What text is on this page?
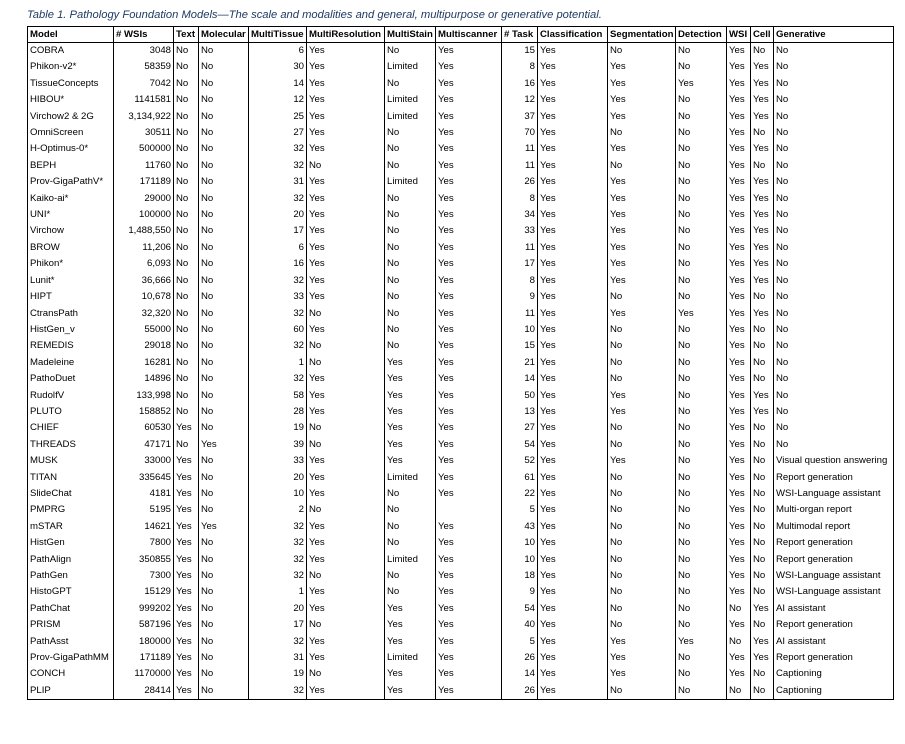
Table 1. Pathology Foundation Models—The scale and modalities and general, multipurpose or generative potential.
Model	# WSIs	Text	Molecular	MultiTissue	MultiResolution	MultiStain	Multiscanner	# Task	Classification	Segmentation	Detection	WSI	Cell	Generative
COBRA	3048	No	No	6	Yes	No	Yes	15	Yes	No	No	Yes	No	No
Phikon-v2*	58359	No	No	30	Yes	Limited	Yes	8	Yes	Yes	No	Yes	Yes	No
TissueConcepts	7042	No	No	14	Yes	No	Yes	16	Yes	Yes	Yes	Yes	Yes	No
HIBOU*	1141581	No	No	12	Yes	Limited	Yes	12	Yes	Yes	No	Yes	Yes	No
Virchow2 & 2G	3,134,922	No	No	25	Yes	Limited	Yes	37	Yes	Yes	No	Yes	Yes	No
OmniScreen	30511	No	No	27	Yes	No	Yes	70	Yes	No	No	Yes	No	No
H-Optimus-0*	500000	No	No	32	Yes	No	Yes	11	Yes	Yes	No	Yes	Yes	No
BEPH	11760	No	No	32	No	No	Yes	11	Yes	No	No	Yes	No	No
Prov-GigaPathV*	171189	No	No	31	Yes	Limited	Yes	26	Yes	Yes	No	Yes	Yes	No
Kaiko-ai*	29000	No	No	32	Yes	No	Yes	8	Yes	Yes	No	Yes	Yes	No
UNI*	100000	No	No	20	Yes	No	Yes	34	Yes	Yes	No	Yes	Yes	No
Virchow	1,488,550	No	No	17	Yes	No	Yes	33	Yes	Yes	No	Yes	Yes	No
BROW	11,206	No	No	6	Yes	No	Yes	11	Yes	Yes	No	Yes	Yes	No
Phikon*	6,093	No	No	16	Yes	No	Yes	17	Yes	Yes	No	Yes	Yes	No
Lunit*	36,666	No	No	32	Yes	No	Yes	8	Yes	Yes	No	Yes	Yes	No
HIPT	10,678	No	No	33	Yes	No	Yes	9	Yes	No	No	Yes	No	No
CtransPath	32,320	No	No	32	No	No	Yes	11	Yes	Yes	Yes	Yes	Yes	No
HistGen_v	55000	No	No	60	Yes	No	Yes	10	Yes	No	No	Yes	No	No
REMEDIS	29018	No	No	32	No	No	Yes	15	Yes	No	No	Yes	No	No
Madeleine	16281	No	No	1	No	Yes	Yes	21	Yes	No	No	Yes	No	No
PathoDuet	14896	No	No	32	Yes	Yes	Yes	14	Yes	No	No	Yes	No	No
RudolfV	133,998	No	No	58	Yes	Yes	Yes	50	Yes	Yes	No	Yes	Yes	No
PLUTO	158852	No	No	28	Yes	Yes	Yes	13	Yes	Yes	No	Yes	Yes	No
CHIEF	60530	Yes	No	19	No	Yes	Yes	27	Yes	No	No	Yes	No	No
THREADS	47171	No	Yes	39	No	Yes	Yes	54	Yes	No	No	Yes	No	No
MUSK	33000	Yes	No	33	Yes	Yes	Yes	52	Yes	Yes	No	Yes	No	Visual question answering
TITAN	335645	Yes	No	20	Yes	Limited	Yes	61	Yes	No	No	Yes	No	Report generation
SlideChat	4181	Yes	No	10	Yes	No	Yes	22	Yes	No	No	Yes	No	WSI-Language assistant
PMPRG	5195	Yes	No	2	No	No		5	Yes	No	No	Yes	No	Multi-organ report
mSTAR	14621	Yes	Yes	32	Yes	No	Yes	43	Yes	No	No	Yes	No	Multimodal report
HistGen	7800	Yes	No	32	Yes	No	Yes	10	Yes	No	No	Yes	No	Report generation
PathAlign	350855	Yes	No	32	Yes	Limited	Yes	10	Yes	No	No	Yes	No	Report generation
PathGen	7300	Yes	No	32	No	No	Yes	18	Yes	No	No	Yes	No	WSI-Language assistant
HistoGPT	15129	Yes	No	1	Yes	No	Yes	9	Yes	No	No	Yes	No	WSI-Language assistant
PathChat	999202	Yes	No	20	Yes	Yes	Yes	54	Yes	No	No	No	Yes	AI assistant
PRISM	587196	Yes	No	17	No	Yes	Yes	40	Yes	No	No	Yes	No	Report generation
PathAsst	180000	Yes	No	32	Yes	Yes	Yes	5	Yes	Yes	Yes	No	Yes	AI assistant
Prov-GigaPathMM	171189	Yes	No	31	Yes	Limited	Yes	26	Yes	Yes	No	Yes	Yes	Report generation
CONCH	1170000	Yes	No	19	No	Yes	Yes	14	Yes	Yes	No	Yes	No	Captioning
PLIP	28414	Yes	No	32	Yes	Yes	Yes	26	Yes	No	No	No	No	Captioning
